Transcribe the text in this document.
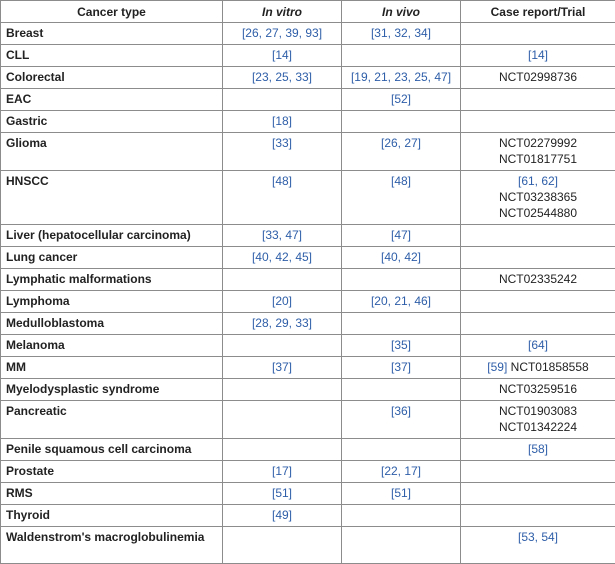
Cancer type	In vitro	In vivo	Case report/Trial
Breast	[26, 27, 39, 93]	[31, 32, 34]	
CLL	[14]		[14]

Colorectal	[23, 25, 33]	[19, 21, 23, 25, 47]	NCT02998736

EAC		[52]	
Gastric	[18]		
Glioma	[33]	[26, 27]	NCT02279992
NCT01817751

HNSCC	[48]	[48]	[61, 62]
NCT03238365
NCT02544880

Liver (hepatocellular carcinoma)	[33, 47]	[47]	
Lung cancer	[40, 42, 45]	[40, 42]	
Lymphatic malformations			NCT02335242

Lymphoma	[20]	[20, 21, 46]	
Medulloblastoma	[28, 29, 33]		
Melanoma		[35]	[64]

MM	[37]	[37]	[59] NCT01858558

Myelodysplastic syndrome			NCT03259516

Pancreatic		[36]	NCT01903083
NCT01342224

Penile squamous cell carcinoma			[58]

Prostate	[17]	[22, 17]	
RMS	[51]	[51]	
Thyroid	[49]		
Waldenstrom's macroglobulinemia			[53, 54]
